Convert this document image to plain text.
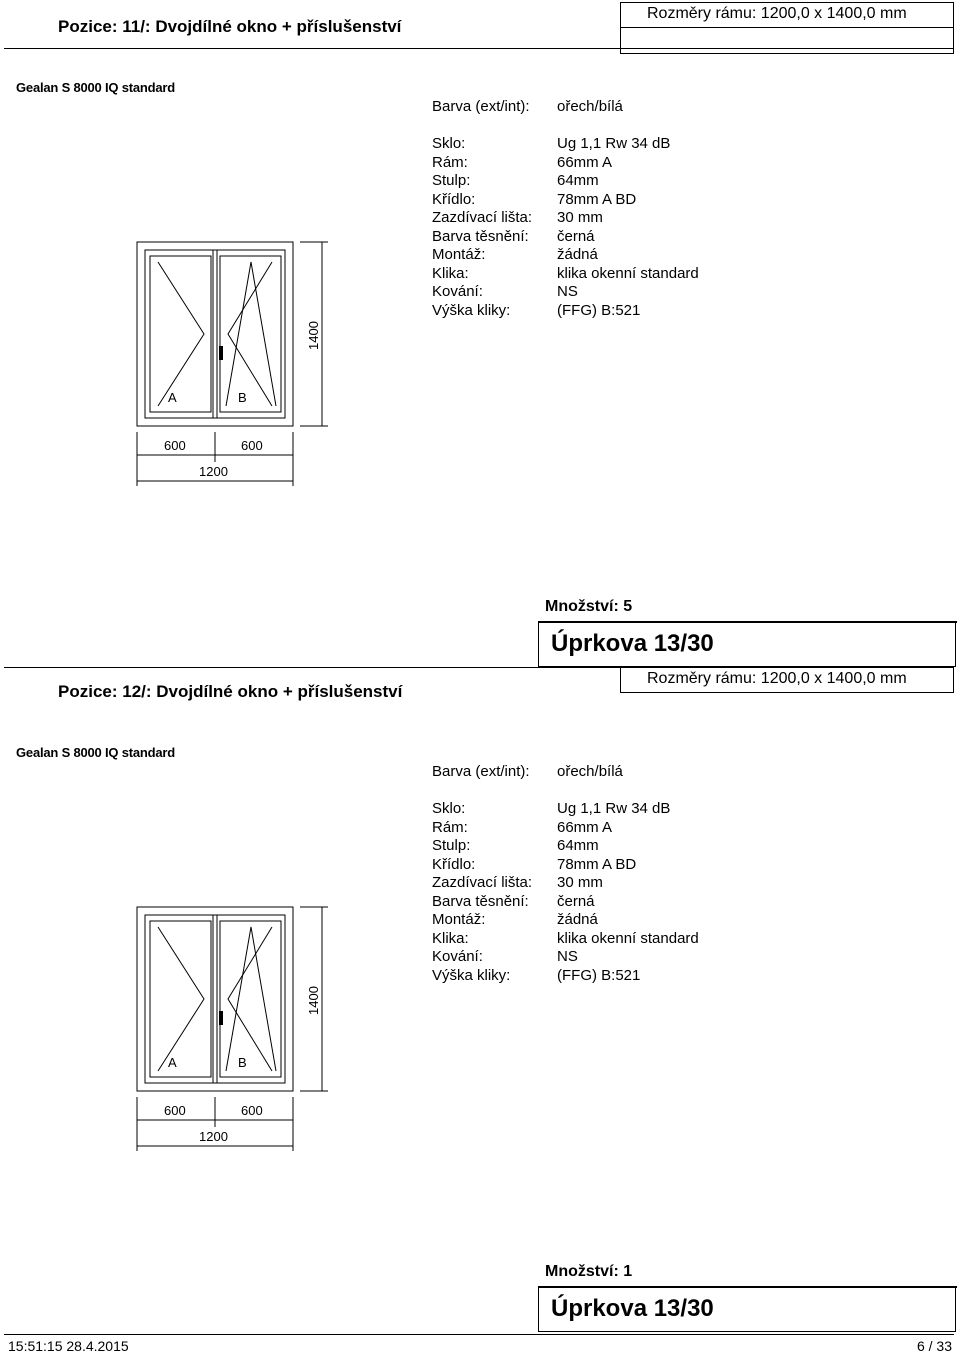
Pozice: 11/: Dvojdílné okno + příslušenství
Rozměry rámu: 1200,0 x 1400,0 mm
Gealan S 8000 IQ standard
Barva (ext/int): ořech/bílá
Sklo:	Ug 1,1 Rw 34 dB
Rám:	66mm A
Stulp:	64mm
Křídlo:	78mm A BD
Zazdívací lišta: 30 mm
Barva těsnění: černá
Montáž:	žádná
Klika:	klika okenní standard
Kování:	NS
Výška kliky:	(FFG) B:521
A	B
1400
600	600
1200
Množství: 5
Úprkova 13/30
Pozice: 12/: Dvojdílné okno + příslušenství
Rozměry rámu: 1200,0 x 1400,0 mm
Gealan S 8000 IQ standard
Barva (ext/int): ořech/bílá
Sklo:	Ug 1,1 Rw 34 dB
Rám:	66mm A
Stulp:	64mm
Křídlo:	78mm A BD
Zazdívací lišta: 30 mm
Barva těsnění: černá
Montáž:	žádná
Klika:	klika okenní standard
Kování:	NS
Výška kliky:	(FFG) B:521
A	B
1400
600	600
1200
Množství: 1
Úprkova 13/30
15:51:15 28.4.2015	6 / 33
